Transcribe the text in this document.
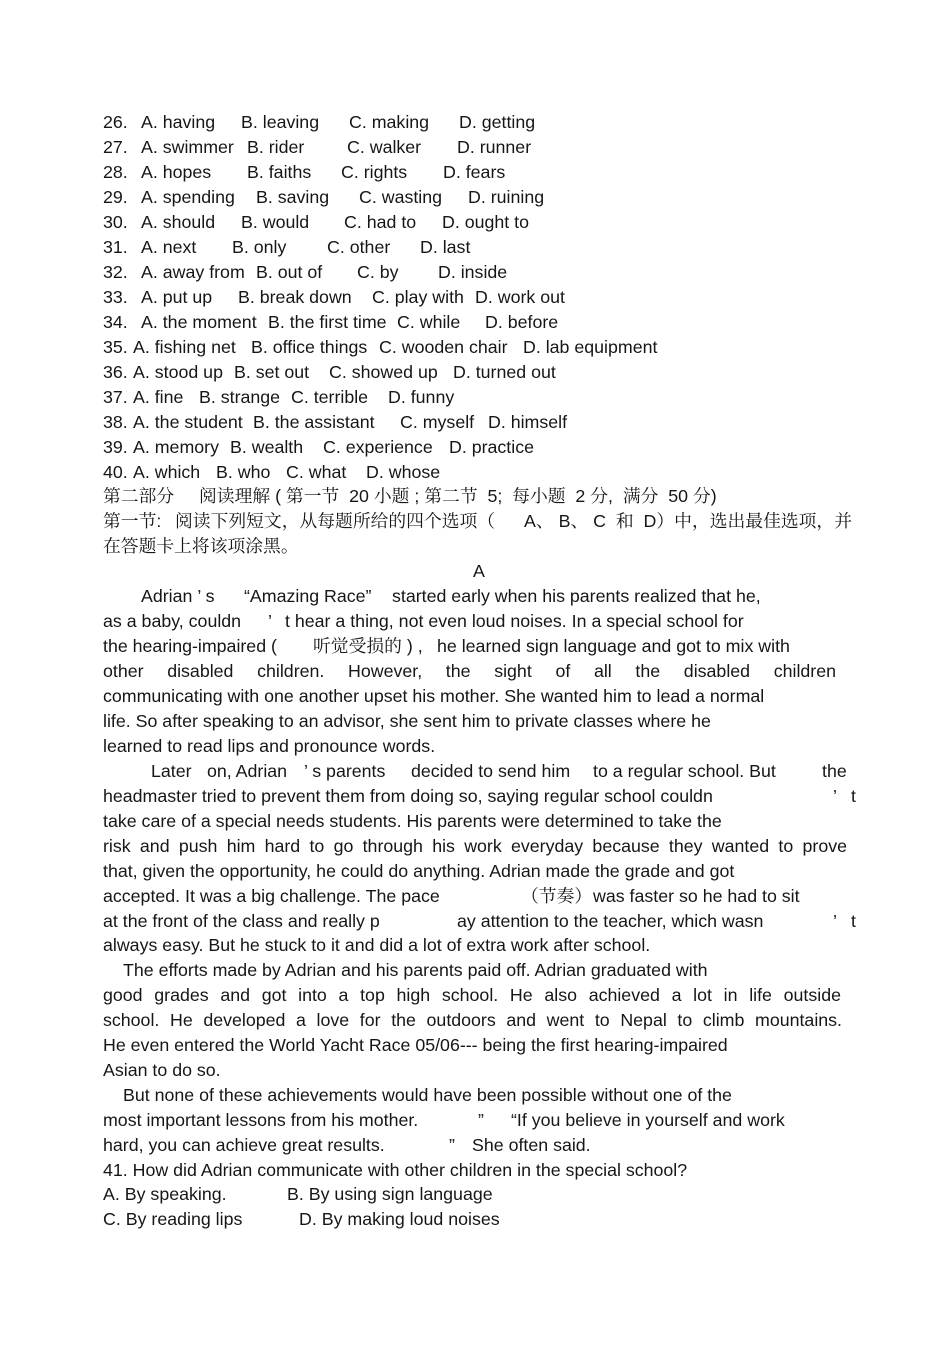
26. A. having B. leaving C. making D. getting
27. A. swimmer B. rider C. walker D. runner
28. A. hopes B. faiths C. rights D. fears
29. A. spending B. saving C. wasting D. ruining
30. A. should B. would C. had to D. ought to
31. A. next B. only C. other D. last
32. A. away from B. out of C. by D. inside
33. A. put up B. break down C. play with D. work out
34. A. the moment B. the first time C. while D. before
35. A. fishing net B. office things C. wooden chair D. lab equipment
36. A. stood up B. set out C. showed up D. turned out
37. A. fine B. strange C. terrible D. funny
38. A. the student B. the assistant C. myself D. himself
39. A. memory B. wealth C. experience D. practice
40. A. which B. who C. what D. whose
第二部分 阅读理解 ( 第一节  20 小题 ; 第二节  5;  每小题  2 分,  满分  50 分)
第一节: 阅读下列短文，从每题所给的四个选项（ A、 B、 C  和  D）中，选出最佳选项，并
在答题卡上将该项涂黑。
A
Adrian ’ s “Amazing Race” started early when his parents realized that he,
as a baby, couldn ’ t hear a thing, not even loud noises. In a special school for
the hearing-impaired ( 听觉受损的 ) , he learned sign language and got to mix with
other disabled children. However, the sight of all the disabled children
communicating with one another upset his mother. She wanted him to lead a normal
life. So after speaking to an advisor, she sent him to private classes where he
learned to read lips and pronounce words.
Later on, Adrian ’ s parents decided to send him to a regular school. But	the
headmaster tried to prevent them from doing so, saying regular school couldn	’ t
take care of a special needs students. His parents were determined to take the
risk and push him hard to go through his work everyday because they wanted to prove
that, given the opportunity, he could do anything. Adrian made the grade and got
accepted. It was a big challenge. The pace	（节奏） was faster so he had to sit
at the front of the class and really p	ay attention to the teacher, which wasn	’ t
always easy. But he stuck to it and did a lot of extra work after school.
The efforts made by Adrian and his parents paid off. Adrian graduated with
good grades and got into a top high school. He also achieved a lot in life outside
school. He developed a love for the outdoors and went to Nepal to climb mountains.
He even entered the World Yacht Race 05/06--- being the first hearing-impaired
Asian to do so.
But none of these achievements would have been possible without one of the
most important lessons from his mother.	” “If you believe in yourself and work
hard, you can achieve great results.	” She often said.
41. How did Adrian communicate with other children in the special school?
A. By speaking.	B. By using sign language
C. By reading lips	D. By making loud noises
